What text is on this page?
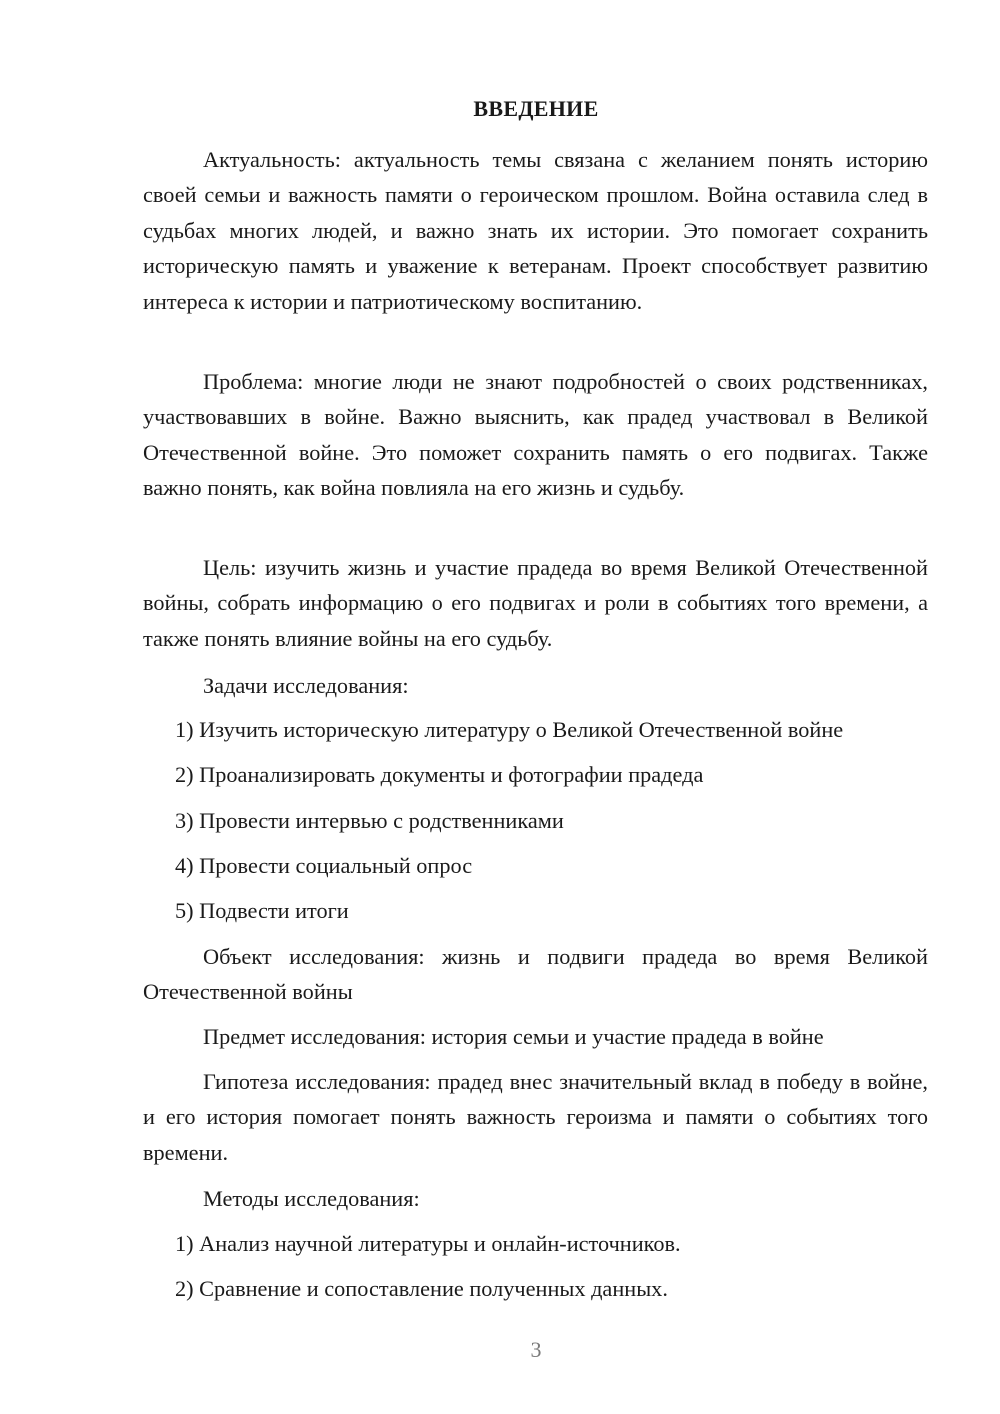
ВВЕДЕНИЕ
Актуальность: актуальность темы связана с желанием понять историю своей семьи и важность памяти о героическом прошлом. Война оставила след в судьбах многих людей, и важно знать их истории. Это помогает сохранить историческую память и уважение к ветеранам. Проект способствует развитию интереса к истории и патриотическому воспитанию.
Проблема: многие люди не знают подробностей о своих родственниках, участвовавших в войне. Важно выяснить, как прадед участвовал в Великой Отечественной войне. Это поможет сохранить память о его подвигах. Также важно понять, как война повлияла на его жизнь и судьбу.
Цель: изучить жизнь и участие прадеда во время Великой Отечественной войны, собрать информацию о его подвигах и роли в событиях того времени, а также понять влияние войны на его судьбу.
Задачи исследования:
1) Изучить историческую литературу о Великой Отечественной войне
2) Проанализировать документы и фотографии прадеда
3) Провести интервью с родственниками
4) Провести социальный опрос
5) Подвести итоги
Объект исследования: жизнь и подвиги прадеда во время Великой Отечественной войны
Предмет исследования: история семьи и участие прадеда в войне
Гипотеза исследования: прадед внес значительный вклад в победу в войне, и его история помогает понять важность героизма и памяти о событиях того времени.
Методы исследования:
1) Анализ научной литературы и онлайн-источников.
2) Сравнение и сопоставление полученных данных.
3
